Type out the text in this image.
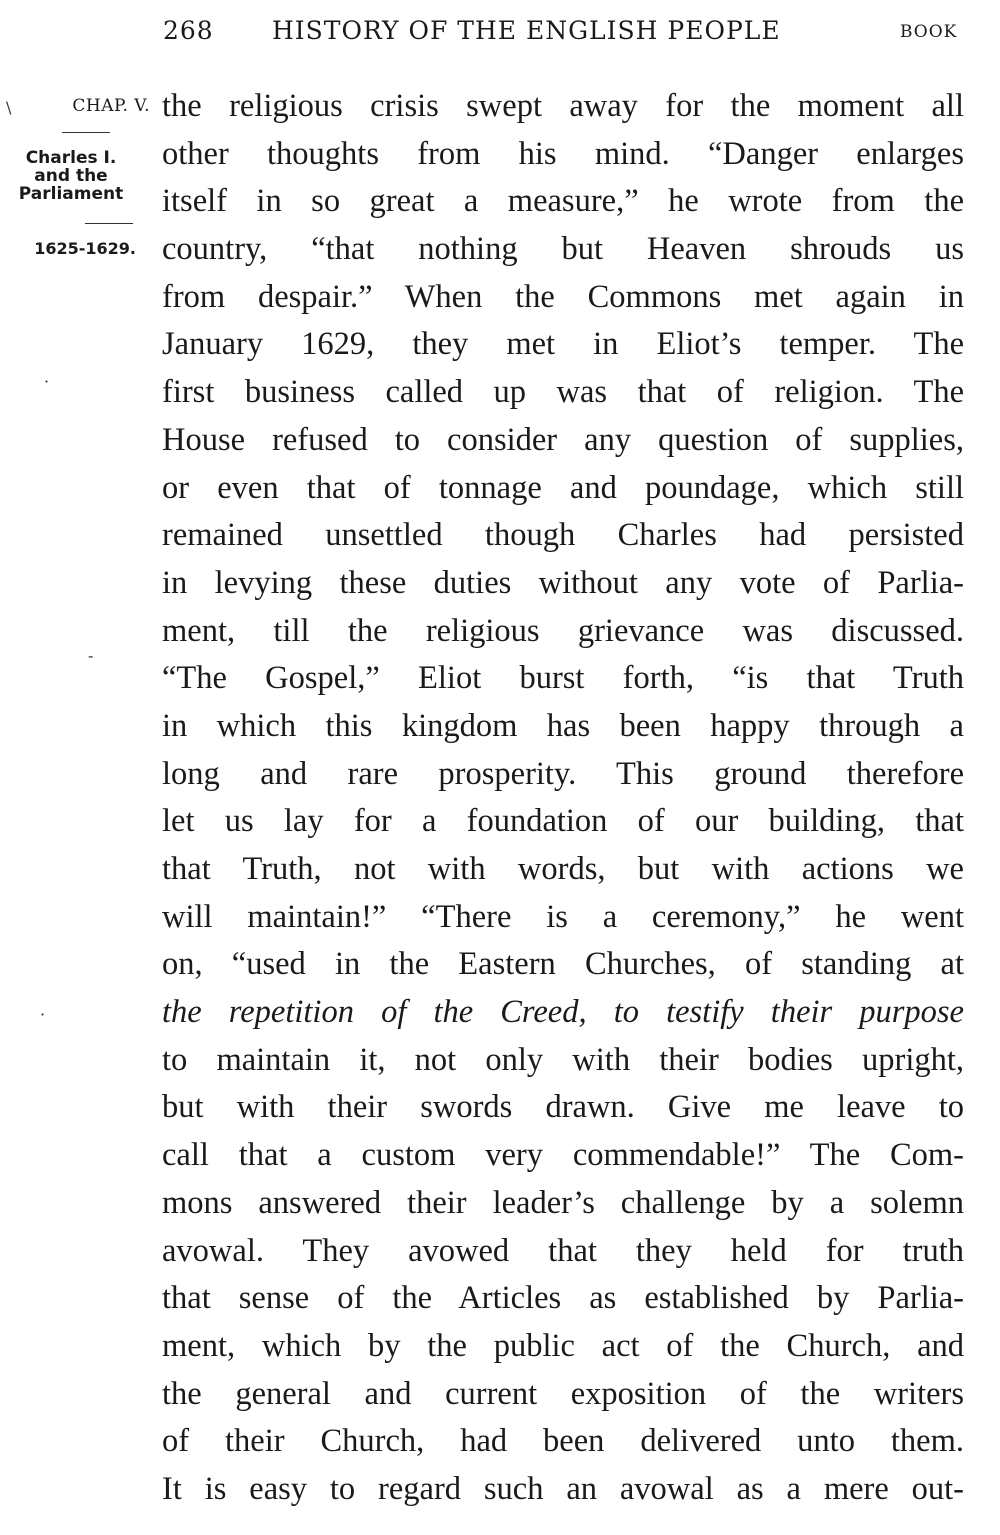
268 HISTORY OF THE ENGLISH PEOPLE	BOOK
\	CHAP. V.
Charles I.
and the
Parliament
1625-1629.
·
-
·
the religious crisis swept away for the moment all
other thoughts from his mind. “Danger enlarges
itself in so great a measure,” he wrote from the
country, “that nothing but Heaven shrouds us
from despair.” When the Commons met again in
January 1629, they met in Eliot’s temper. The
first business called up was that of religion. The
House refused to consider any question of supplies,
or even that of tonnage and poundage, which still
remained unsettled though Charles had persisted
in levying these duties without any vote of Parlia-
ment, till the religious grievance was discussed.
“The Gospel,” Eliot burst forth, “is that Truth
in which this kingdom has been happy through a
long and rare prosperity. This ground therefore
let us lay for a foundation of our building, that
that Truth, not with words, but with actions we
will maintain!” “There is a ceremony,” he went
on, “used in the Eastern Churches, of standing at
the repetition of the Creed, to testify their purpose
to maintain it, not only with their bodies upright,
but with their swords drawn. Give me leave to
call that a custom very commendable!” The Com-
mons answered their leader’s challenge by a solemn
avowal. They avowed that they held for truth
that sense of the Articles as established by Parlia-
ment, which by the public act of the Church, and
the general and current exposition of the writers
of their Church, had been delivered unto them.
It is easy to regard such an avowal as a mere out-
